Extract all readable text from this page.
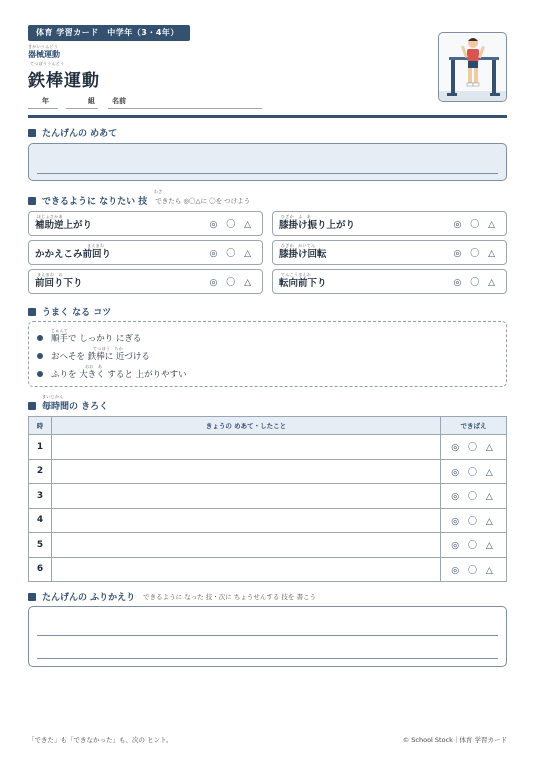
体育 学習カード　中学年（3・4年）
きかいうんどう
器械運動
てつぼううんどう
鉄棒運動
年	組 名前
たんげんの めあて
わざ
できるように なりたい 技 できたら ◎〇△に 〇を つけよう
ほじょさかあ
補助逆上がり	◎ 〇 △
ひざか　ふ　あ
膝掛け振り上がり	◎ 〇 △
まえまわ
かかえこみ前回り	◎ 〇 △
ひざか　かいてん
膝掛け回転	◎ 〇 △
まえまわ　お
前回り下り	◎ 〇 △
てんこうまえお
転向前下り	◎ 〇 △
うまく なる コツ
じゅんて
順手で しっかり にぎる
てつぼう　ちか
おへそを 鉄棒に 近づける
おお　あ
ふりを 大きく すると 上がりやすい
まいじかん
毎時間の きろく
時	きょうの めあて・したこと	できばえ
1		◎ 〇 △
2		◎ 〇 △
3		◎ 〇 △
4		◎ 〇 △
5		◎ 〇 △
6		◎ 〇 △
たんげんの ふりかえり できるように なった 技・次に ちょうせんする 技を 書こう
「できた」も「できなかった」も、次の ヒント。	© School Stock｜体育 学習カード
